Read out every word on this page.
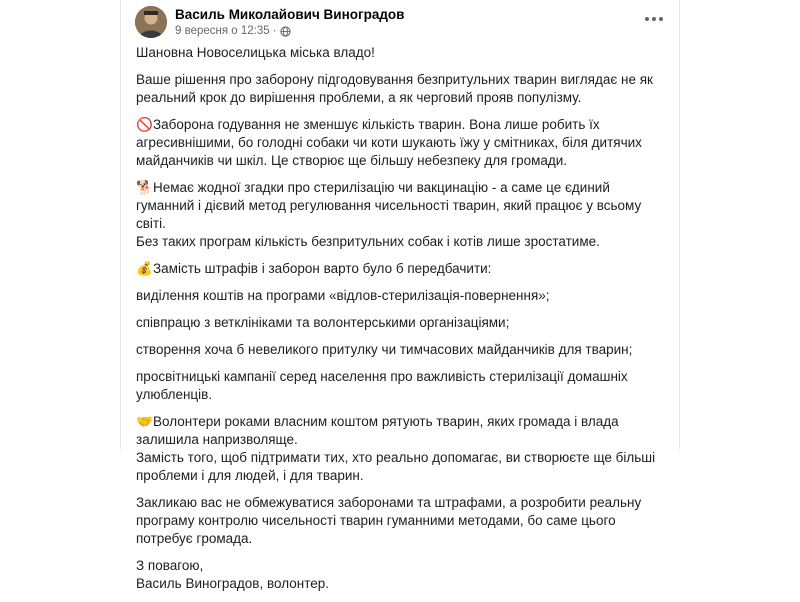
Василь Миколайович Виноградов
9 вересня о 12:35 ·

Шановна Новоселицька міська владо!

Ваше рішення про заборону підгодовування безпритульних тварин виглядає не як реальний крок до вирішення проблеми, а як черговий прояв популізму.

🚫Заборона годування не зменшує кількість тварин. Вона лише робить їх агресивнішими, бо голодні собаки чи коти шукають їжу у смітниках, біля дитячих майданчиків чи шкіл. Це створює ще більшу небезпеку для громади.

🐕Немає жодної згадки про стерилізацію чи вакцинацію - а саме це єдиний гуманний і дієвий метод регулювання чисельності тварин, який працює у всьому світі.
Без таких програм кількість безпритульних собак і котів лише зростатиме.

💰Замість штрафів і заборон варто було б передбачити:

виділення коштів на програми «відлов-стерилізація-повернення»;

співпрацю з ветклініками та волонтерськими організаціями;

створення хоча б невеликого притулку чи тимчасових майданчиків для тварин;

просвітницькі кампанії серед населення про важливість стерилізації домашніх улюбленців.

🤝Волонтери роками власним коштом рятують тварин, яких громада і влада залишила напризволяще.
Замість того, щоб підтримати тих, хто реально допомагає, ви створюєте ще більші проблеми і для людей, і для тварин.

Закликаю вас не обмежуватися заборонами та штрафами, а розробити реальну програму контролю чисельності тварин гуманними методами, бо саме цього потребує громада.

З повагою,
Василь Виноградов, волонтер.
